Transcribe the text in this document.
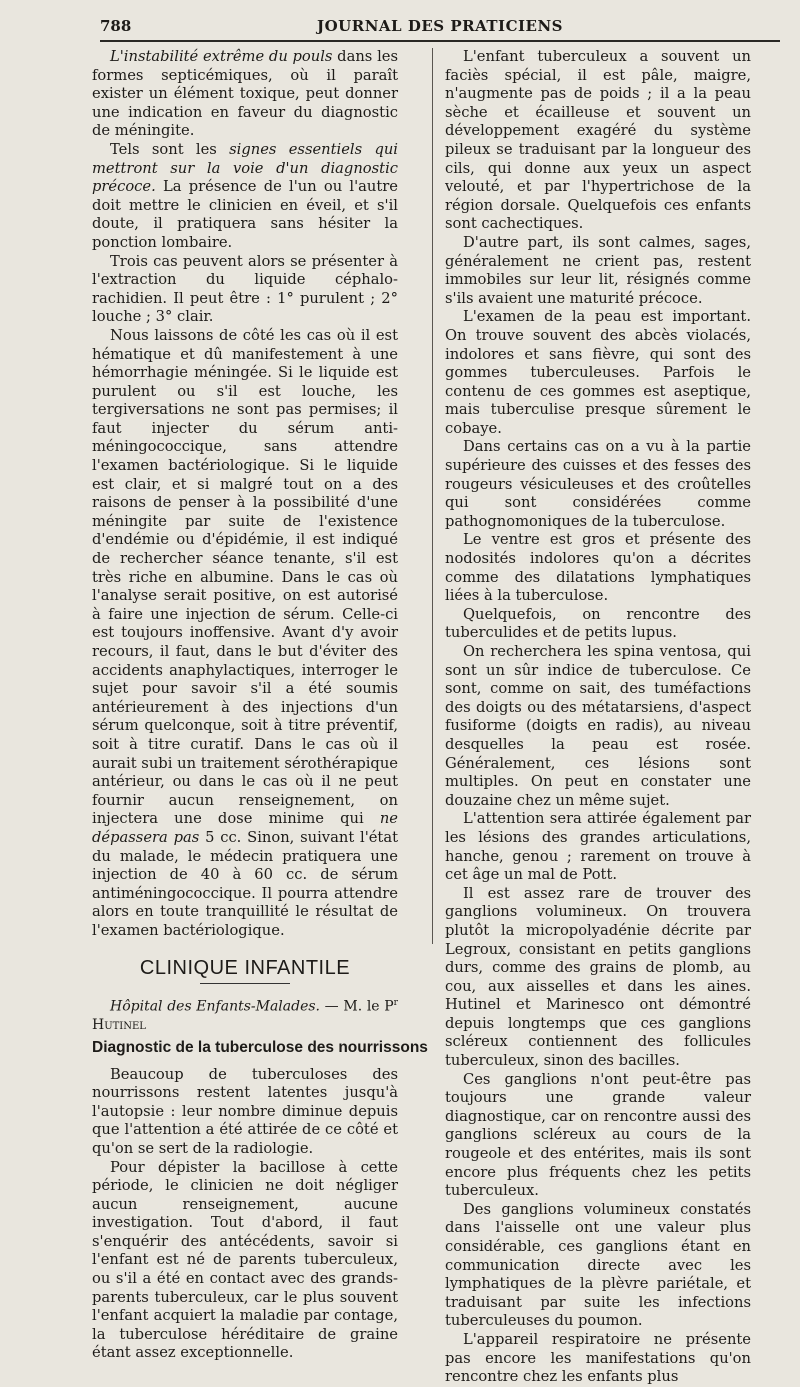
788	JOURNAL DES PRATICIENS

L'instabilité extrême du pouls dans les formes septicémiques, où il paraît exister un élément toxique, peut donner une indication en faveur du diagnostic de méningite.

Tels sont les signes essentiels qui mettront sur la voie d'un diagnostic précoce. La présence de l'un ou l'autre doit mettre le clinicien en éveil, et s'il doute, il pratiquera sans hésiter la ponction lombaire.

Trois cas peuvent alors se présenter à l'extraction du liquide céphalo-rachidien. Il peut être : 1° purulent ; 2° louche ; 3° clair.

Nous laissons de côté les cas où il est hématique et dû manifestement à une hémorrhagie méningée. Si le liquide est purulent ou s'il est louche, les tergiversations ne sont pas permises; il faut injecter du sérum anti-méningococcique, sans attendre l'examen bactériologique. Si le liquide est clair, et si malgré tout on a des raisons de penser à la possibilité d'une méningite par suite de l'existence d'endémie ou d'épidémie, il est indiqué de rechercher séance tenante, s'il est très riche en albumine. Dans le cas où l'analyse serait positive, on est autorisé à faire une injection de sérum. Celle-ci est toujours inoffensive. Avant d'y avoir recours, il faut, dans le but d'éviter des accidents anaphylactiques, interroger le sujet pour savoir s'il a été soumis antérieurement à des injections d'un sérum quelconque, soit à titre préventif, soit à titre curatif. Dans le cas où il aurait subi un traitement sérothérapique antérieur, ou dans le cas où il ne peut fournir aucun renseignement, on injectera une dose minime qui ne dépassera pas 5 cc. Sinon, suivant l'état du malade, le médecin pratiquera une injection de 40 à 60 cc. de sérum antiméningococcique. Il pourra attendre alors en toute tranquillité le résultat de l'examen bactériologique.

CLINIQUE INFANTILE

Hôpital des Enfants-Malades. — M. le $P^r$ Hutinel

Diagnostic de la tuberculose des nourrissons

Beaucoup de tuberculoses des nourrissons restent latentes jusqu'à l'autopsie : leur nombre diminue depuis que l'attention a été attirée de ce côté et qu'on se sert de la radiologie.

Pour dépister la bacillose à cette période, le clinicien ne doit négliger aucun renseignement, aucune investigation. Tout d'abord, il faut s'enquérir des antécédents, savoir si l'enfant est né de parents tuberculeux, ou s'il a été en contact avec des grands-parents tuberculeux, car le plus souvent l'enfant acquiert la maladie par contage, la tuberculose héréditaire de graine étant assez exceptionnelle.

L'enfant tuberculeux a souvent un faciès spécial, il est pâle, maigre, n'augmente pas de poids ; il a la peau sèche et écailleuse et souvent un développement exagéré du système pileux se traduisant par la longueur des cils, qui donne aux yeux un aspect velouté, et par l'hypertrichose de la région dorsale. Quelquefois ces enfants sont cachectiques.

D'autre part, ils sont calmes, sages, généralement ne crient pas, restent immobiles sur leur lit, résignés comme s'ils avaient une maturité précoce.

L'examen de la peau est important. On trouve souvent des abcès violacés, indolores et sans fièvre, qui sont des gommes tuberculeuses. Parfois le contenu de ces gommes est aseptique, mais tuberculise presque sûrement le cobaye.

Dans certains cas on a vu à la partie supérieure des cuisses et des fesses des rougeurs vésiculeuses et des croûtelles qui sont considérées comme pathognomoniques de la tuberculose.

Le ventre est gros et présente des nodosités indolores qu'on a décrites comme des dilatations lymphatiques liées à la tuberculose.

Quelquefois, on rencontre des tuberculides et de petits lupus.

On recherchera les spina ventosa, qui sont un sûr indice de tuberculose. Ce sont, comme on sait, des tuméfactions des doigts ou des métatarsiens, d'aspect fusiforme (doigts en radis), au niveau desquelles la peau est rosée. Généralement, ces lésions sont multiples. On peut en constater une douzaine chez un même sujet.

L'attention sera attirée également par les lésions des grandes articulations, hanche, genou ; rarement on trouve à cet âge un mal de Pott.

Il est assez rare de trouver des ganglions volumineux. On trouvera plutôt la micropolyadénie décrite par Legroux, consistant en petits ganglions durs, comme des grains de plomb, au cou, aux aisselles et dans les aines. Hutinel et Marinesco ont démontré depuis longtemps que ces ganglions scléreux contiennent des follicules tuberculeux, sinon des bacilles.

Ces ganglions n'ont peut-être pas toujours une grande valeur diagnostique, car on rencontre aussi des ganglions scléreux au cours de la rougeole et des entérites, mais ils sont encore plus fréquents chez les petits tuberculeux.

Des ganglions volumineux constatés dans l'aisselle ont une valeur plus considérable, ces ganglions étant en communication directe avec les lymphatiques de la plèvre pariétale, et traduisant par suite les infections tuberculeuses du poumon.

L'appareil respiratoire ne présente pas encore les manifestations qu'on rencontre chez les enfants plus
